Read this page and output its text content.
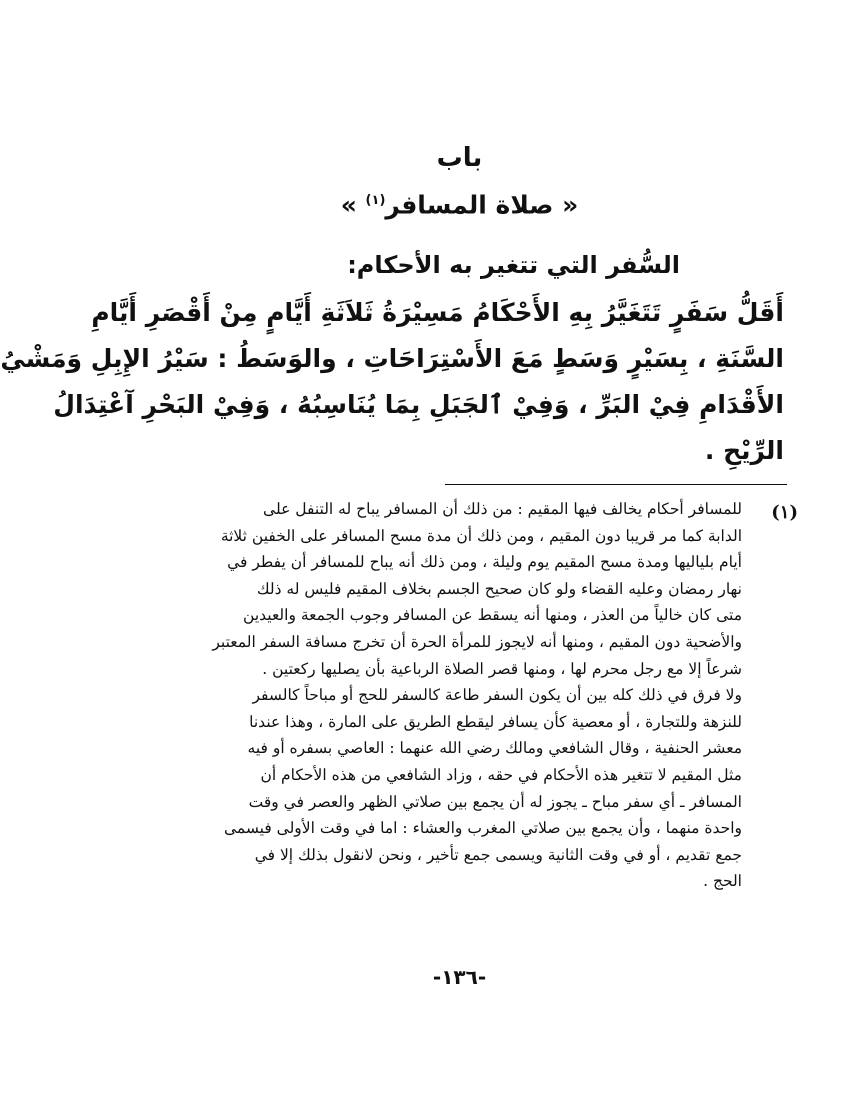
باب
« صلاة المسافر$^{(١)}$ »
السُّفر التي تتغير به الأحكام:
أَقَلُّ سَفَرٍ تَتَغَيَّرُ بِهِ الأَحْكَامُ مَسِيْرَةُ ثَلاَثَةِ أَيَّامٍ مِنْ أَقْصَرِ أَيَّامِ
السَّنَةِ ، بِسَيْرٍ وَسَطٍ مَعَ الأَسْتِرَاحَاتِ ، والوَسَطُ : سَيْرُ الإِبِلِ وَمَشْيُ
الأَقْدَامِ فِيْ البَرِّ ، وَفِيْ ٱلجَبَلِ بِمَا يُنَاسِبُهُ ، وَفِيْ البَحْرِ آعْتِدَالُ
الرِّيْحِ .
(١)
للمسافر أحكام يخالف فيها المقيم : من ذلك أن المسافر يباح له التنفل على
الدابة كما مر قريبا دون المقيم ، ومن ذلك أن مدة مسح المسافر على الخفين ثلاثة
أيام بلياليها ومدة مسح المقيم يوم وليلة ، ومن ذلك أنه يباح للمسافر أن يفطر في
نهار رمضان وعليه القضاء ولو كان صحيح الجسم بخلاف المقيم فليس له ذلك
متى كان خالياً من العذر ، ومنها أنه يسقط عن المسافر وجوب الجمعة والعيدين
والأضحية دون المقيم ، ومنها أنه لايجوز للمرأة الحرة أن تخرج مسافة السفر المعتبر
شرعاً إلا مع رجل محرم لها ، ومنها قصر الصلاة الرباعية بأن يصليها ركعتين .
ولا فرق في ذلك كله بين أن يكون السفر طاعة كالسفر للحج أو مباحاً كالسفر
للنزهة وللتجارة ، أو معصية كأن يسافر ليقطع الطريق على المارة ، وهذا عندنا
معشر الحنفية ، وقال الشافعي ومالك رضي الله عنهما : العاصي بسفره أو فيه
مثل المقيم لا تتغير هذه الأحكام في حقه ، وزاد الشافعي من هذه الأحكام أن
المسافر ـ أي سفر مباح ـ يجوز له أن يجمع بين صلاتي الظهر والعصر في وقت
واحدة منهما ، وأن يجمع بين صلاتي المغرب والعشاء : اما في وقت الأولى فيسمى
جمع تقديم ، أو في وقت الثانية ويسمى جمع تأخير ، ونحن لانقول بذلك إلا في
الحج .
-١٣٦-
